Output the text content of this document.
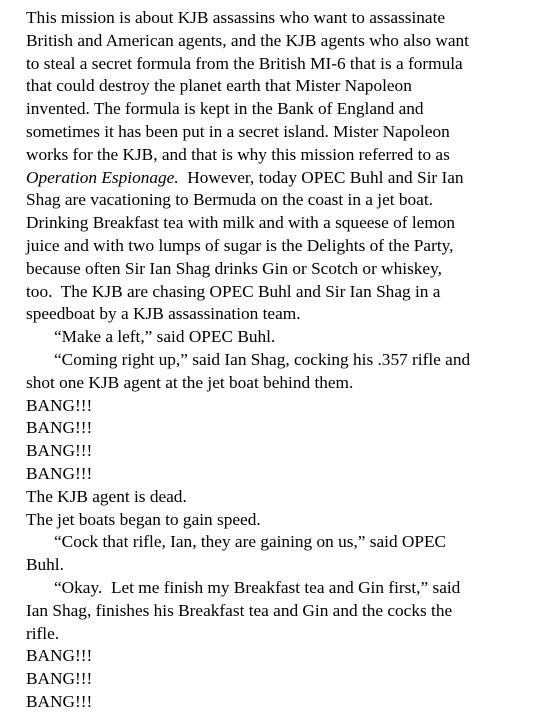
This mission is about KJB assassins who want to assassinate

British and American agents, and the KJB agents who also want

to steal a secret formula from the British MI-6 that is a formula

that could destroy the planet earth that Mister Napoleon

invented. The formula is kept in the Bank of England and

sometimes it has been put in a secret island. Mister Napoleon

works for the KJB, and that is why this mission referred to as

Operation Espionage.  However, today OPEC Buhl and Sir Ian

Shag are vacationing to Bermuda on the coast in a jet boat.

Drinking Breakfast tea with milk and with a squeese of lemon

juice and with two lumps of sugar is the Delights of the Party,

because often Sir Ian Shag drinks Gin or Scotch or whiskey,

too.  The KJB are chasing OPEC Buhl and Sir Ian Shag in a

speedboat by a KJB assassination team.

“Make a left,” said OPEC Buhl.

“Coming right up,” said Ian Shag, cocking his .357 rifle and

shot one KJB agent at the jet boat behind them.

BANG!!!

BANG!!!

BANG!!!

BANG!!!

The KJB agent is dead.

The jet boats began to gain speed.

“Cock that rifle, Ian, they are gaining on us,” said OPEC

Buhl.

“Okay.  Let me finish my Breakfast tea and Gin first,” said

Ian Shag, finishes his Breakfast tea and Gin and the cocks the

rifle.

BANG!!!

BANG!!!

BANG!!!
